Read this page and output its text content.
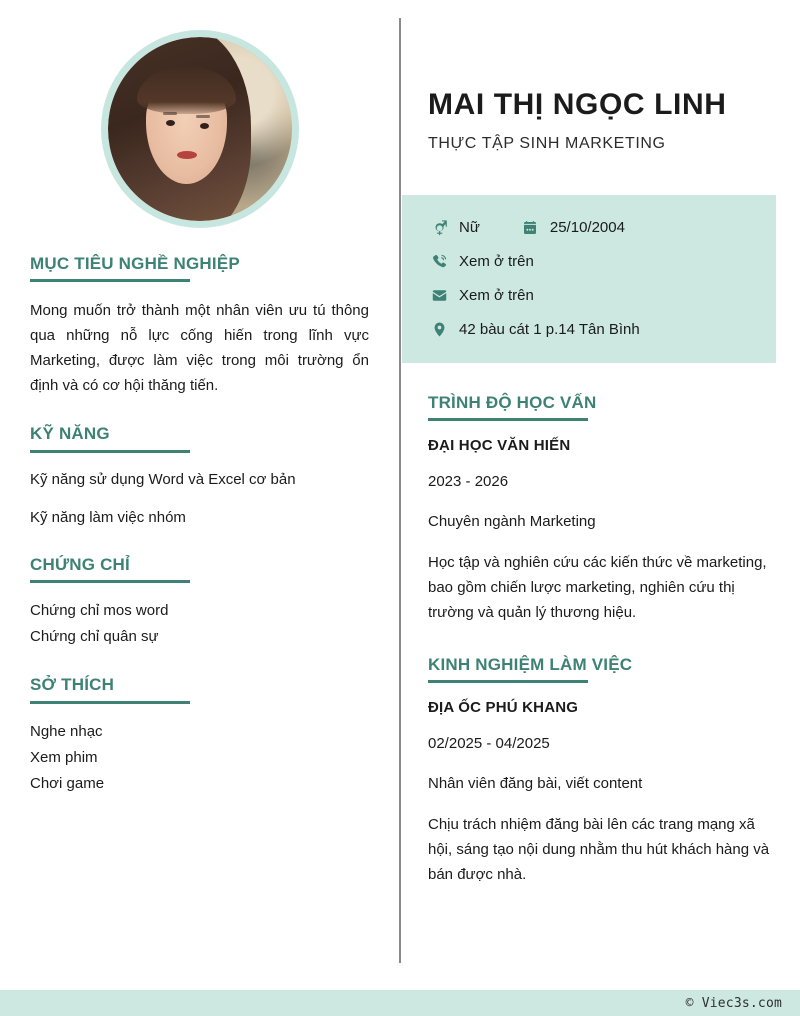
MỤC TIÊU NGHỀ NGHIỆP

Mong muốn trở thành một nhân viên ưu tú thông qua những nỗ lực cống hiến trong lĩnh vực Marketing, được làm việc trong môi trường ổn định và có cơ hội thăng tiến.

KỸ NĂNG

Kỹ năng sử dụng Word và Excel cơ bản

Kỹ năng làm việc nhóm

CHỨNG CHỈ

Chứng chỉ mos word

Chứng chỉ quân sự

SỞ THÍCH

Nghe nhạc

Xem phim

Chơi game

MAI THỊ NGỌC LINH

THỰC TẬP SINH MARKETING

Nữ	25/10/2004
Xem ở trên
Xem ở trên
42 bàu cát 1 p.14 Tân Bình
TRÌNH ĐỘ HỌC VẤN

ĐẠI HỌC VĂN HIẾN

2023 - 2026

Chuyên ngành Marketing

Học tập và nghiên cứu các kiến thức về marketing, bao gồm chiến lược marketing, nghiên cứu thị trường và quản lý thương hiệu.

KINH NGHIỆM LÀM VIỆC

ĐỊA ỐC PHÚ KHANG

02/2025 - 04/2025

Nhân viên đăng bài, viết content

Chịu trách nhiệm đăng bài lên các trang mạng xã hội, sáng tạo nội dung nhằm thu hút khách hàng và bán được nhà.

© Viec3s.com
